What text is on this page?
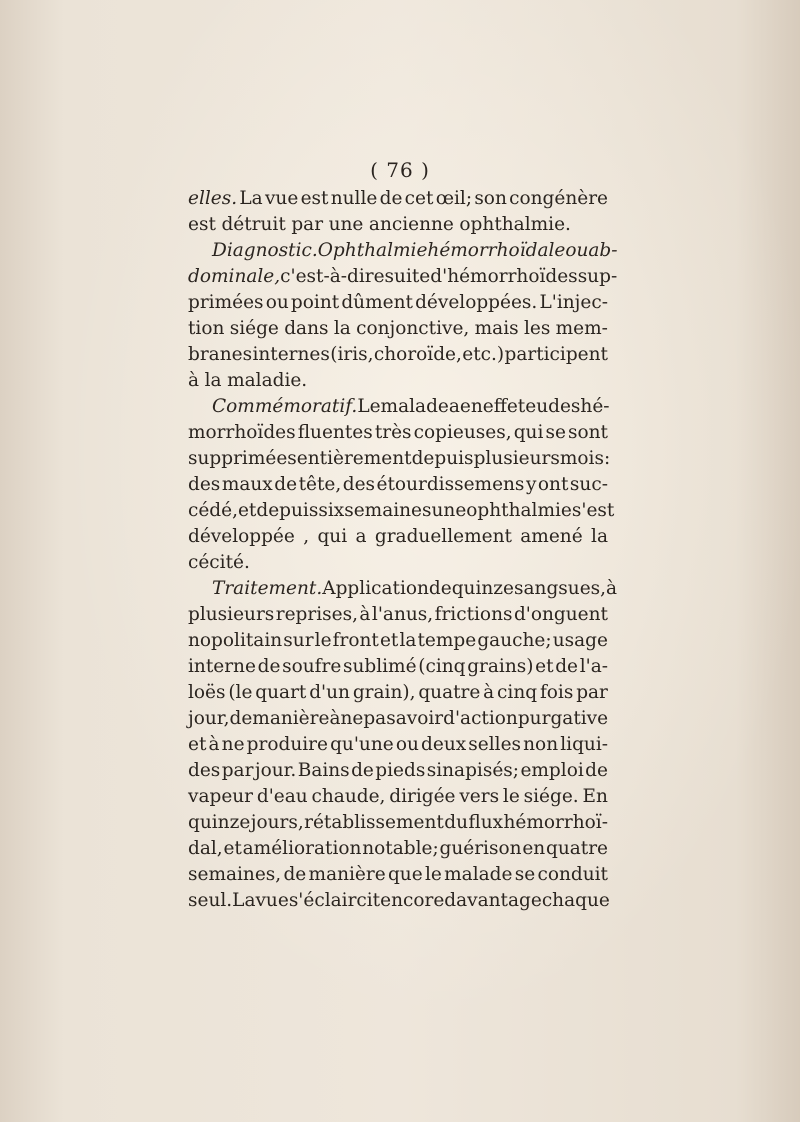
( 76 )
elles. La vue est nulle de cet œil; son congénère
est détruit par une ancienne ophthalmie.
Diagnostic. Ophthalmie hémorrhoïdale ou ab-
dominale, c'est-à-dire suite d'hémorrhoïdes sup-
primées ou point dûment développées. L'injec-
tion siége dans la conjonctive, mais les mem-
branes internes (iris, choroïde, etc.) participent
à la maladie.
Commémoratif. Le malade a en effet eu des hé-
morrhoïdes fluentes très copieuses, qui se sont
supprimées entièrement depuis plusieurs mois:
des maux de tête, des étourdissemens y ont suc-
cédé, et depuis six semaines une ophthalmie s'est
développée , qui a graduellement amené la
cécité.
Traitement. Application de quinze sangsues, à
plusieurs reprises, à l'anus, frictions d'onguent
nopolitain sur le front et la tempe gauche; usage
interne de soufre sublimé (cinq grains) et de l'a-
loës (le quart d'un grain), quatre à cinq fois par
jour, de manière à ne pas avoir d'action purgative
et à ne produire qu'une ou deux selles non liqui-
des par jour. Bains de pieds sinapisés; emploi de
vapeur d'eau chaude, dirigée vers le siége. En
quinze jours, rétablissement du flux hémorrhoï-
dal, et amélioration notable; guérison en quatre
semaines, de manière que le malade se conduit
seul. La vue s'éclaircit encore davantage chaque
